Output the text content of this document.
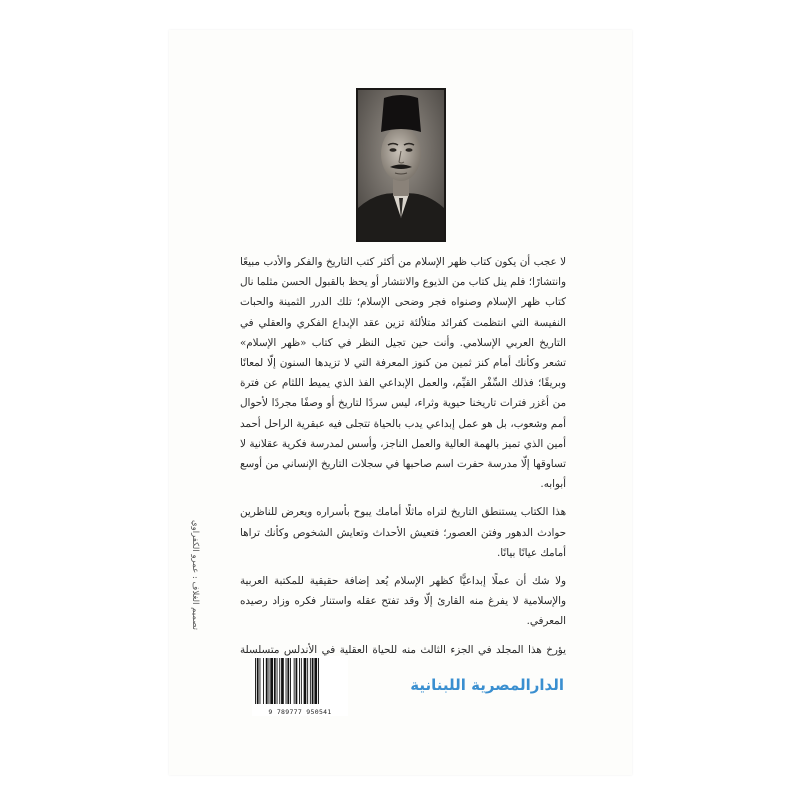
لا عجب أن يكون كتاب ظهر الإسلام من أكثر كتب التاريخ والفكر والأدب مبيعًا وانتشارًا؛ فلم ينل كتاب من الذيوع والانتشار أو يحظ بالقبول الحسن مثلما نال كتاب ظهر الإسلام وصنواه فجر وضحى الإسلام؛ تلك الدرر الثمينة والحبات النفيسة التي انتظمت كفرائد متلألئة تزين عقد الإبداع الفكري والعقلي في التاريخ العربي الإسلامي. وأنت حين تجيل النظر في كتاب «ظهر الإسلام» تشعر وكأنك أمام كنز ثمين من كنوز المعرفة التي لا تزيدها السنون إلّا لمعانًا وبريقًا؛ فذلك السِّفْر القيِّم، والعمل الإبداعي الفذ الذي يميط اللثام عن فترة من أغزر فترات تاريخنا حيوية وثراء، ليس سردًا لتاريخ أو وصفًا مجردًا لأحوال أمم وشعوب، بل هو عمل إبداعي يدب بالحياة تتجلى فيه عبقرية الراحل أحمد أمين الذي تميز بالهمة العالية والعمل الناجز، وأسس لمدرسة فكرية عقلانية لا تساوقها إلّا مدرسة حفرت اسم صاحبها في سجلات التاريخ الإنساني من أوسع أبوابه.

هذا الكتاب يستنطق التاريخ لتراه ماثلًا أمامك يبوح بأسراره ويعرض للناظرين حوادث الدهور وفتن العصور؛ فتعيش الأحداث وتعايش الشخوص وكأنك تراها أمامك عيانًا بيانًا.

ولا شك أن عملًا إبداعيًّا كظهر الإسلام يُعد إضافة حقيقية للمكتبة العربية والإسلامية لا يفرغ منه القارئ إلّا وقد تفتح عقله واستنار فكره وزاد رصيده المعرفي.

يؤرخ هذا المجلد في الجزء الثالث منه للحياة العقلية في الأندلس متسلسلة

تصميم الغلاف : عمرو الكفراوي
9 789777 950541
الدارالمصرية اللبنانية
